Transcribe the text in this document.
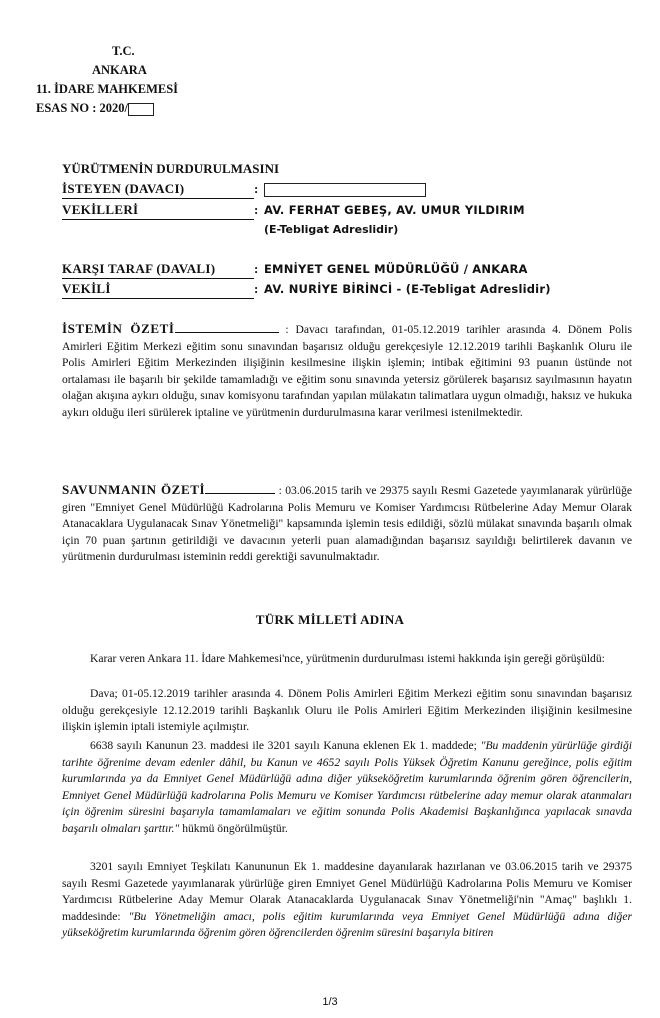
T.C.
ANKARA
11. İDARE MAHKEMESİ
ESAS NO : 2020/
YÜRÜTMENİN DURDURULMASINI
İSTEYEN (DAVACI)	:
VEKİLLERİ	: AV. FERHAT GEBEŞ, AV. UMUR YILDIRIM
(E-Tebligat Adreslidir)
KARŞI TARAF (DAVALI)	: EMNİYET GENEL MÜDÜRLÜĞÜ / ANKARA
VEKİLİ	: AV. NURİYE BİRİNCİ - (E-Tebligat Adreslidir)
İSTEMİN ÖZETİ	: Davacı tarafından, 01-05.12.2019 tarihler arasında 4. Dönem Polis Amirleri Eğitim Merkezi eğitim sonu sınavından başarısız olduğu gerekçesiyle 12.12.2019 tarihli Başkanlık Oluru ile Polis Amirleri Eğitim Merkezinden ilişiğinin kesilmesine ilişkin işlemin; intibak eğitimini 93 puanın üstünde not ortalaması ile başarılı bir şekilde tamamladığı ve eğitim sonu sınavında yetersiz görülerek başarısız sayılmasının hayatın olağan akışına aykırı olduğu, sınav komisyonu tarafından yapılan mülakatın talimatlara uygun olmadığı, haksız ve hukuka aykırı olduğu ileri sürülerek iptaline ve yürütmenin durdurulmasına karar verilmesi istenilmektedir.
SAVUNMANIN ÖZETİ	: 03.06.2015 tarih ve 29375 sayılı Resmi Gazetede yayımlanarak yürürlüğe giren "Emniyet Genel Müdürlüğü Kadrolarına Polis Memuru ve Komiser Yardımcısı Rütbelerine Aday Memur Olarak Atanacaklara Uygulanacak Sınav Yönetmeliği" kapsamında işlemin tesis edildiği, sözlü mülakat sınavında başarılı olmak için 70 puan şartının getirildiği ve davacının yeterli puan alamadığından başarısız sayıldığı belirtilerek davanın ve yürütmenin durdurulması isteminin reddi gerektiği savunulmaktadır.
TÜRK MİLLETİ ADINA
Karar veren Ankara 11. İdare Mahkemesi'nce, yürütmenin durdurulması istemi hakkında işin gereği görüşüldü:
Dava; 01-05.12.2019 tarihler arasında 4. Dönem Polis Amirleri Eğitim Merkezi eğitim sonu sınavından başarısız olduğu gerekçesiyle 12.12.2019 tarihli Başkanlık Oluru ile Polis Amirleri Eğitim Merkezinden ilişiğinin kesilmesine ilişkin işlemin iptali istemiyle açılmıştır.
6638 sayılı Kanunun 23. maddesi ile 3201 sayılı Kanuna eklenen Ek 1. maddede; "Bu maddenin yürürlüğe girdiği tarihte öğrenime devam edenler dâhil, bu Kanun ve 4652 sayılı Polis Yüksek Öğretim Kanunu gereğince, polis eğitim kurumlarında ya da Emniyet Genel Müdürlüğü adına diğer yükseköğretim kurumlarında öğrenim gören öğrencilerin, Emniyet Genel Müdürlüğü kadrolarına Polis Memuru ve Komiser Yardımcısı rütbelerine aday memur olarak atanmaları için öğrenim süresini başarıyla tamamlamaları ve eğitim sonunda Polis Akademisi Başkanlığınca yapılacak sınavda başarılı olmaları şarttır." hükmü öngörülmüştür.
3201 sayılı Emniyet Teşkilatı Kanununun Ek 1. maddesine dayanılarak hazırlanan ve 03.06.2015 tarih ve 29375 sayılı Resmi Gazetede yayımlanarak yürürlüğe giren Emniyet Genel Müdürlüğü Kadrolarına Polis Memuru ve Komiser Yardımcısı Rütbelerine Aday Memur Olarak Atanacaklarda Uygulanacak Sınav Yönetmeliği'nin "Amaç" başlıklı 1. maddesinde: "Bu Yönetmeliğin amacı, polis eğitim kurumlarında veya Emniyet Genel Müdürlüğü adına diğer yükseköğretim kurumlarında öğrenim gören öğrencilerden öğrenim süresini başarıyla bitiren
1/3
